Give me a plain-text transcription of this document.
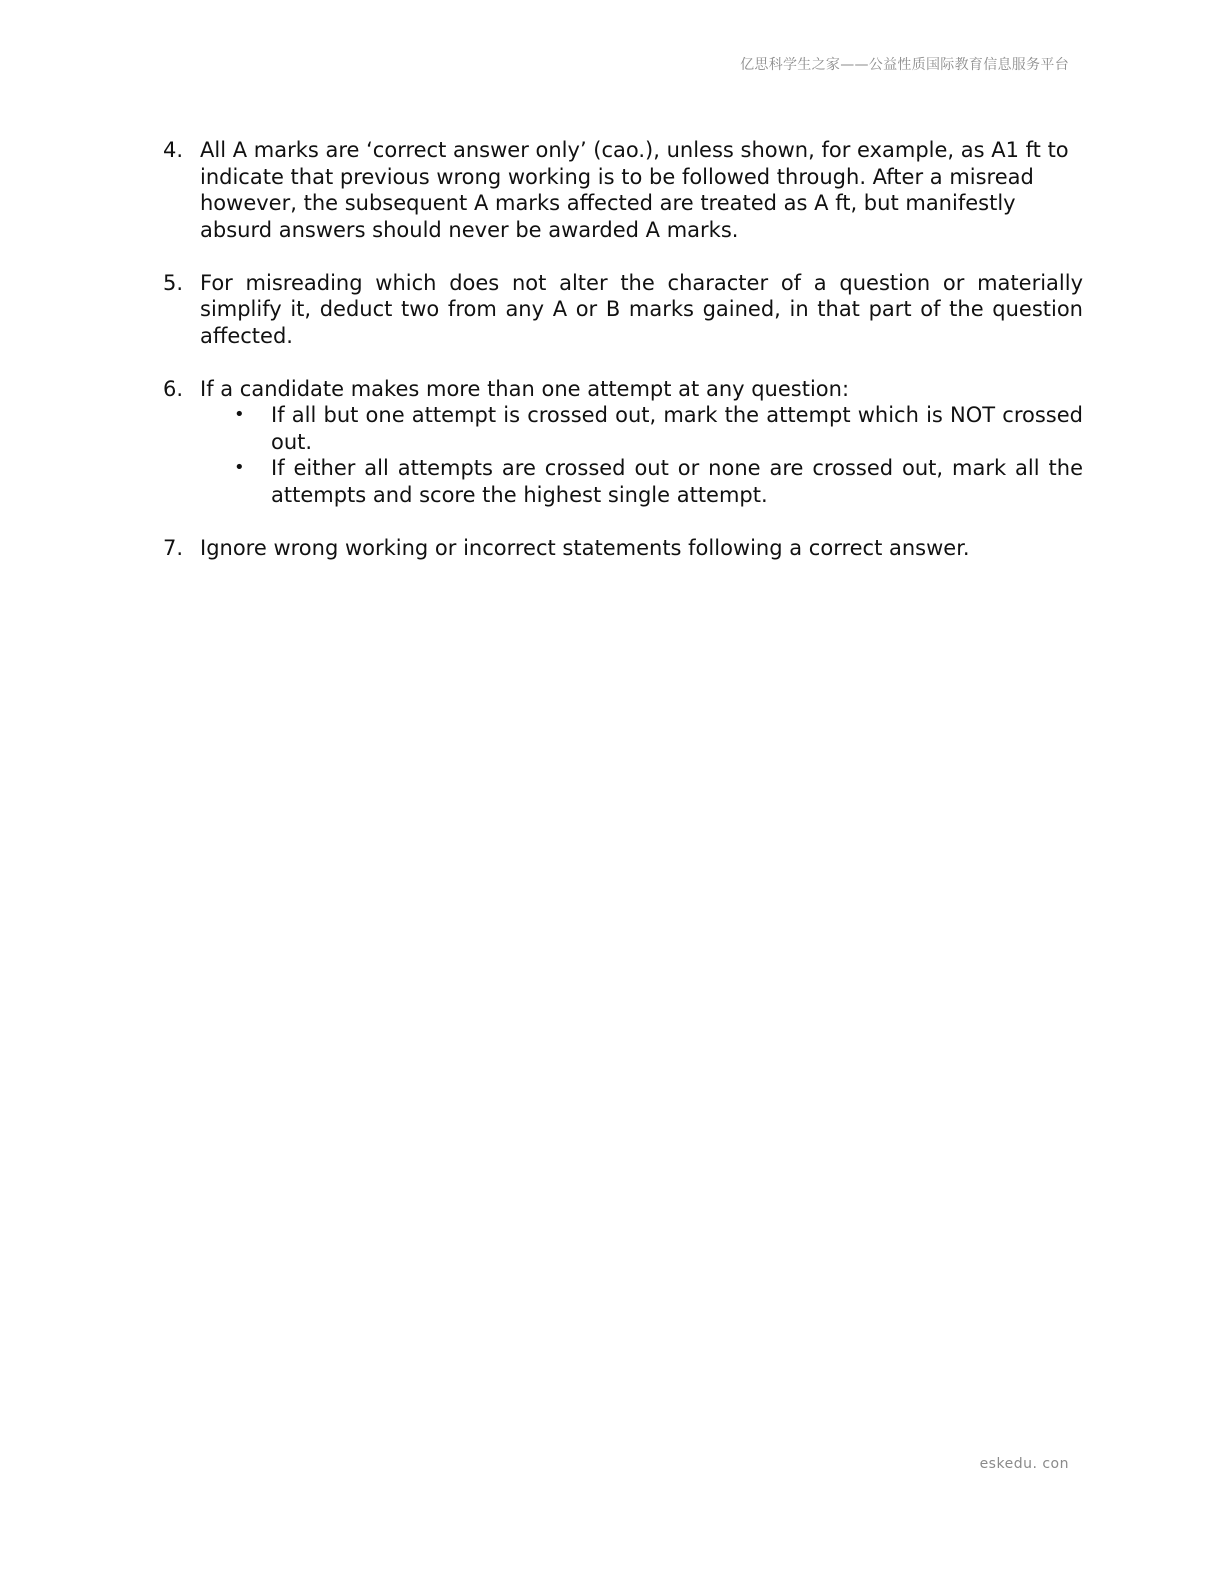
亿思科学生之家——公益性质国际教育信息服务平台
4. All A marks are ‘correct answer only’ (cao.), unless shown, for example, as A1 ft to indicate that previous wrong working is to be followed through. After a misread however, the subsequent A marks affected are treated as A ft, but manifestly absurd answers should never be awarded A marks.
5. For misreading which does not alter the character of a question or materially simplify it, deduct two from any A or B marks gained, in that part of the question affected.
6. If a candidate makes more than one attempt at any question:
•	If all but one attempt is crossed out, mark the attempt which is NOT crossed out.
•	If either all attempts are crossed out or none are crossed out, mark all the attempts and score the highest single attempt.
7. Ignore wrong working or incorrect statements following a correct answer.
eskedu. con
